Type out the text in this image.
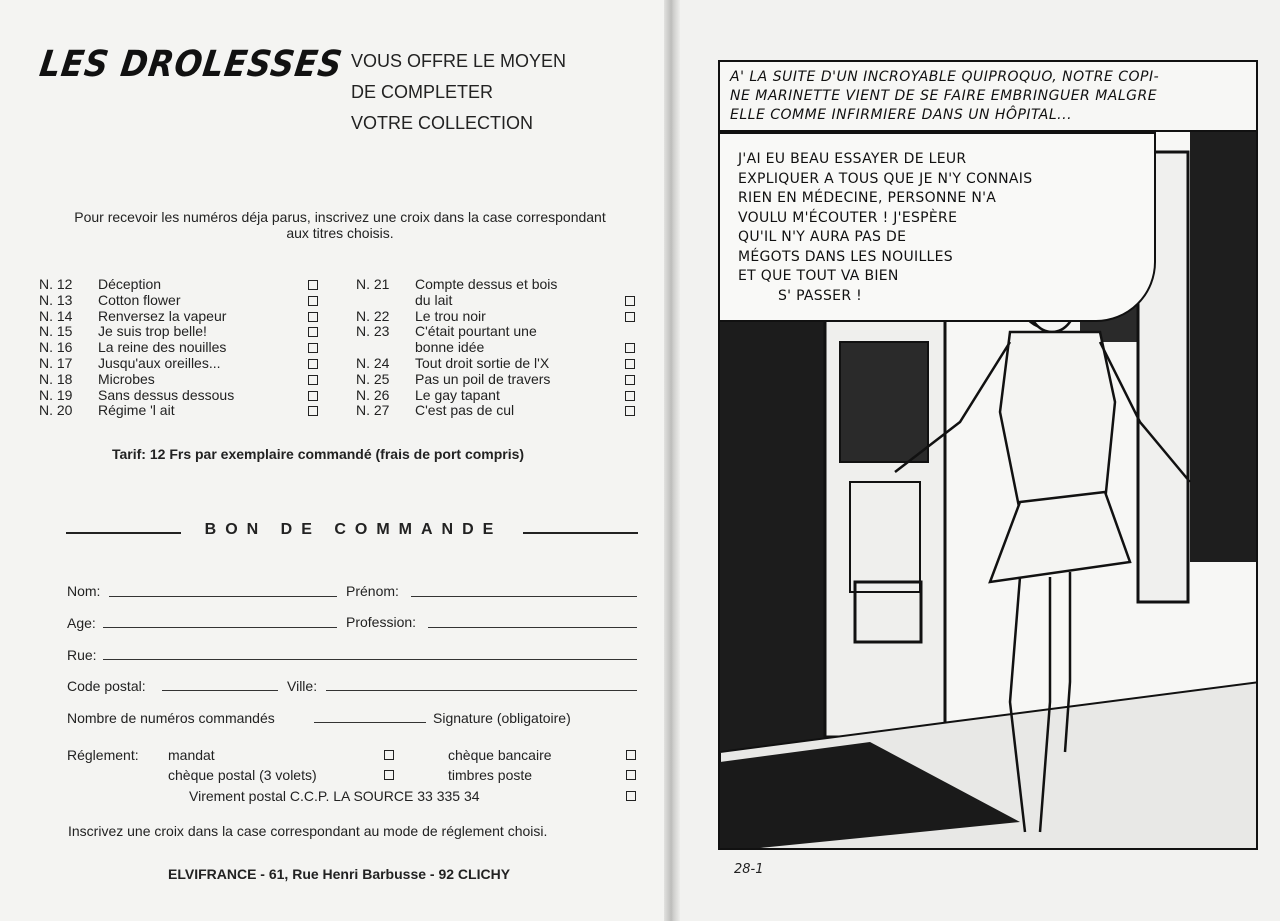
LES DROLESSES VOUS OFFRE LE MOYEN
DE COMPLETER
VOTRE COLLECTION
Pour recevoir les numéros déja parus, inscrivez une croix dans la case correspondant aux titres choisis.
N. 12 Déception
N. 13 Cotton flower
N. 14 Renversez la vapeur
N. 15 Je suis trop belle!
N. 16 La reine des nouilles
N. 17 Jusqu'aux oreilles...
N. 18 Microbes
N. 19 Sans dessus dessous
N. 20 Régime 'l ait
N. 21 Compte dessus et bois
du lait
N. 22 Le trou noir
N. 23 C'était pourtant une
bonne idée
N. 24 Tout droit sortie de l'X
N. 25 Pas un poil de travers
N. 26 Le gay tapant
N. 27 C'est pas de cul
Tarif: 12 Frs par exemplaire commandé (frais de port compris)
BON DE COMMANDE
Nom:	Prénom:
Age:	Profession:
Rue:
Code postal:	Ville:
Nombre de numéros commandés	Signature (obligatoire)
Réglement: mandat	chèque bancaire
chèque postal (3 volets)	timbres poste
Virement postal C.C.P. LA SOURCE 33 335 34
Inscrivez une croix dans la case correspondant au mode de réglement choisi.
ELVIFRANCE - 61, Rue Henri Barbusse - 92 CLICHY
A' LA SUITE D'UN INCROYABLE QUIPROQUO, NOTRE COPI-
NE MARINETTE VIENT DE SE FAIRE EMBRINGUER MALGRE
ELLE COMME INFIRMIERE DANS UN HÔPITAL...
J'AI EU BEAU ESSAYER DE LEUR
EXPLIQUER A TOUS QUE JE N'Y CONNAIS
RIEN EN MÉDECINE, PERSONNE N'A
VOULU M'ÉCOUTER ! J'ESPÈRE
QU'IL N'Y AURA PAS DE
MÉGOTS DANS LES NOUILLES
ET QUE TOUT VA BIEN
S' PASSER !
28-1
